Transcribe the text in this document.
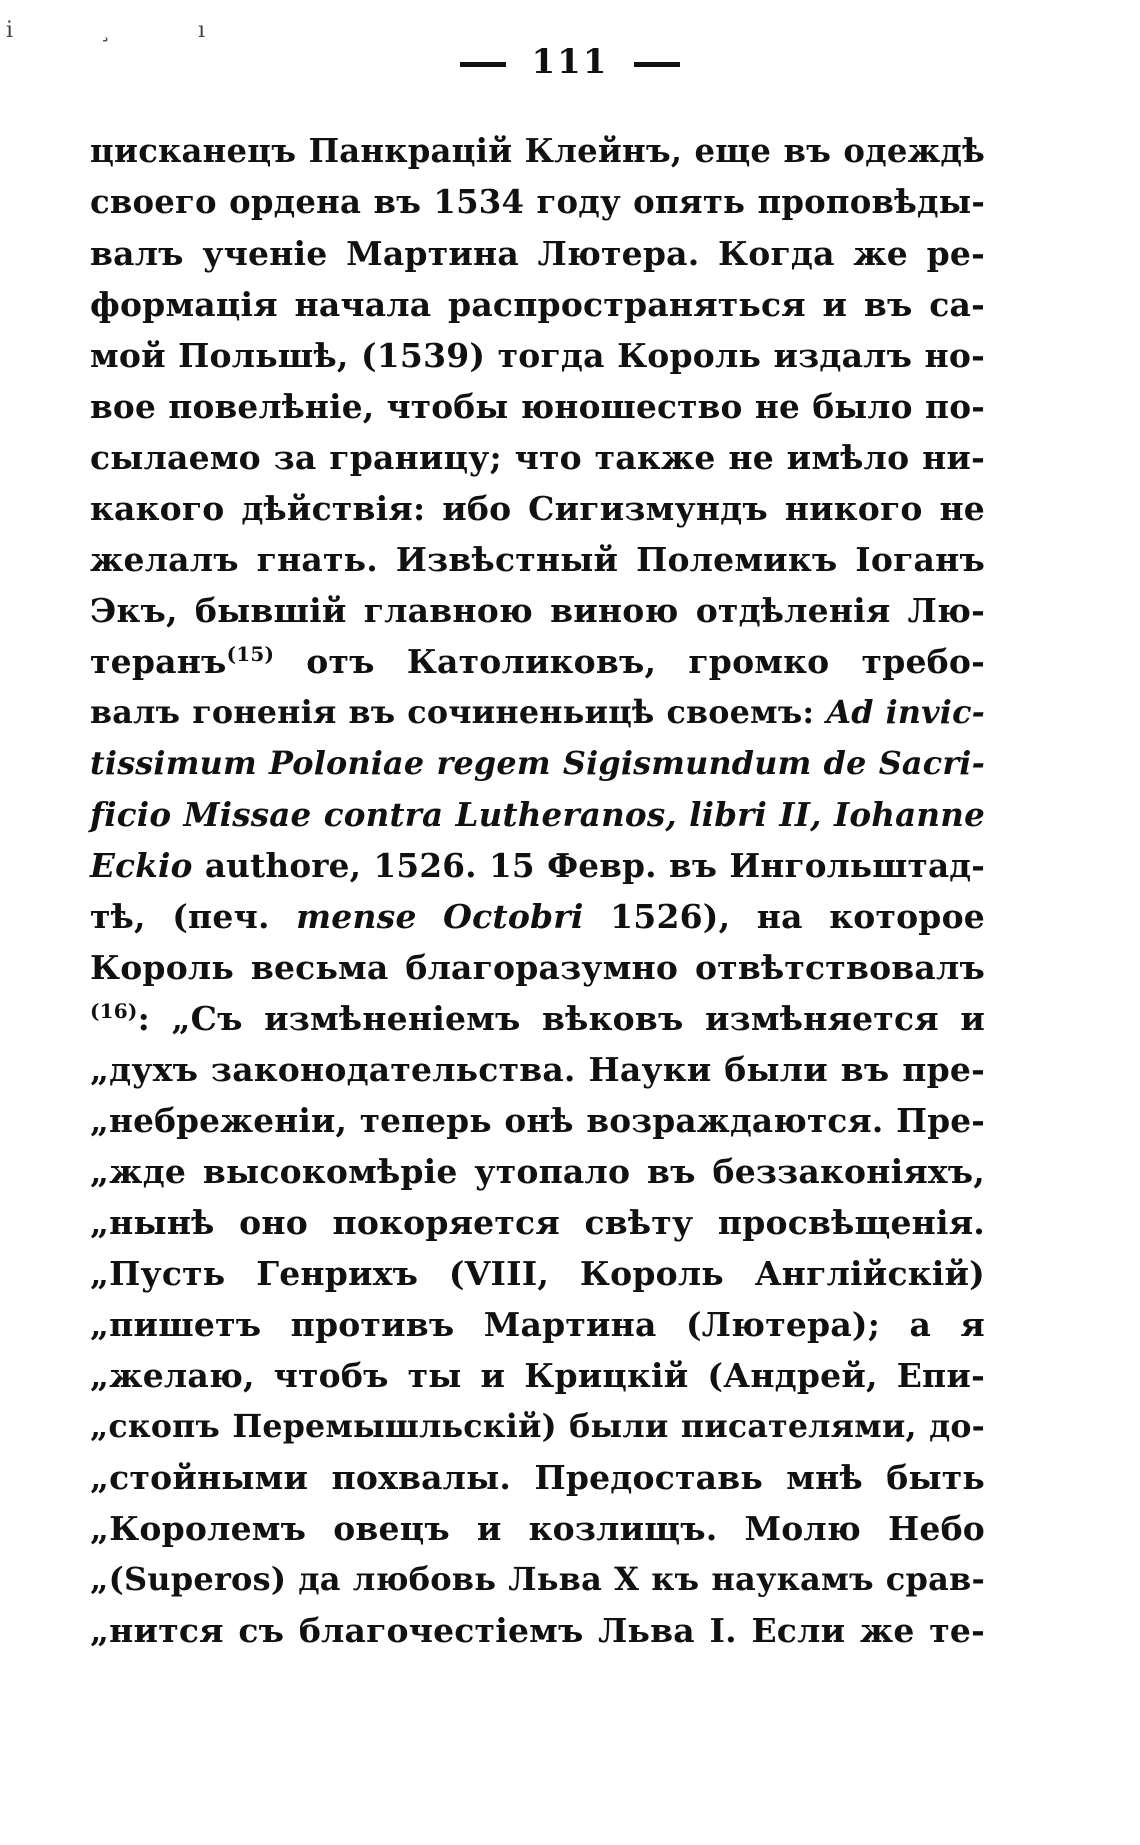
i ¸ ı
111
цисканецъ Панкрацій Клейнъ, еще въ одеждѣ
своего ордена въ 1534 году опять проповѣды-
валъ ученіе Мартина Лютера. Когда же ре-
формація начала распространяться и въ са-
мой Польшѣ, (1539) тогда Король издалъ но-
вое повелѣніе, чтобы юношество не было по-
сылаемо за границу; что также не имѣло ни-
какого дѣйствія: ибо Сигизмундъ никого не
желалъ гнать. Извѣстный Полемикъ Іоганъ
Экъ, бывшій главною виною отдѣленія Лю-
теранъ$^{(15)}$ отъ Католиковъ, громко требо-
валъ гоненія въ сочиненьицѣ своемъ: Ad invic-
tissimum Poloniae regem Sigismundum de Sacri-
ficio Missae contra Lutheranos, libri II, Iohanne
Eckio authore, 1526. 15 Февр. въ Ингольштад-
тѣ, (печ. mense Octobri 1526), на которое
Король весьма благоразумно отвѣтствовалъ
$^{(16)}$: „Съ измѣненіемъ вѣковъ измѣняется и
„духъ законодательства. Науки были въ пре-
„небреженіи, теперь онѣ возраждаются. Пре-
„жде высокомѣріе утопало въ беззаконіяхъ,
„нынѣ оно покоряется свѣту просвѣщенія.
„Пусть Генрихъ (VIII, Король Англійскій)
„пишетъ противъ Мартина (Лютера); а я
„желаю, чтобъ ты и Крицкій (Андрей, Епи-
„скопъ Перемышльскій) были писателями, до-
„стойными похвалы. Предоставь мнѣ быть
„Королемъ овецъ и козлищъ. Молю Небо
„(Superos) да любовь Льва X къ наукамъ срав-
„нится съ благочестіемъ Льва I. Если же те-
